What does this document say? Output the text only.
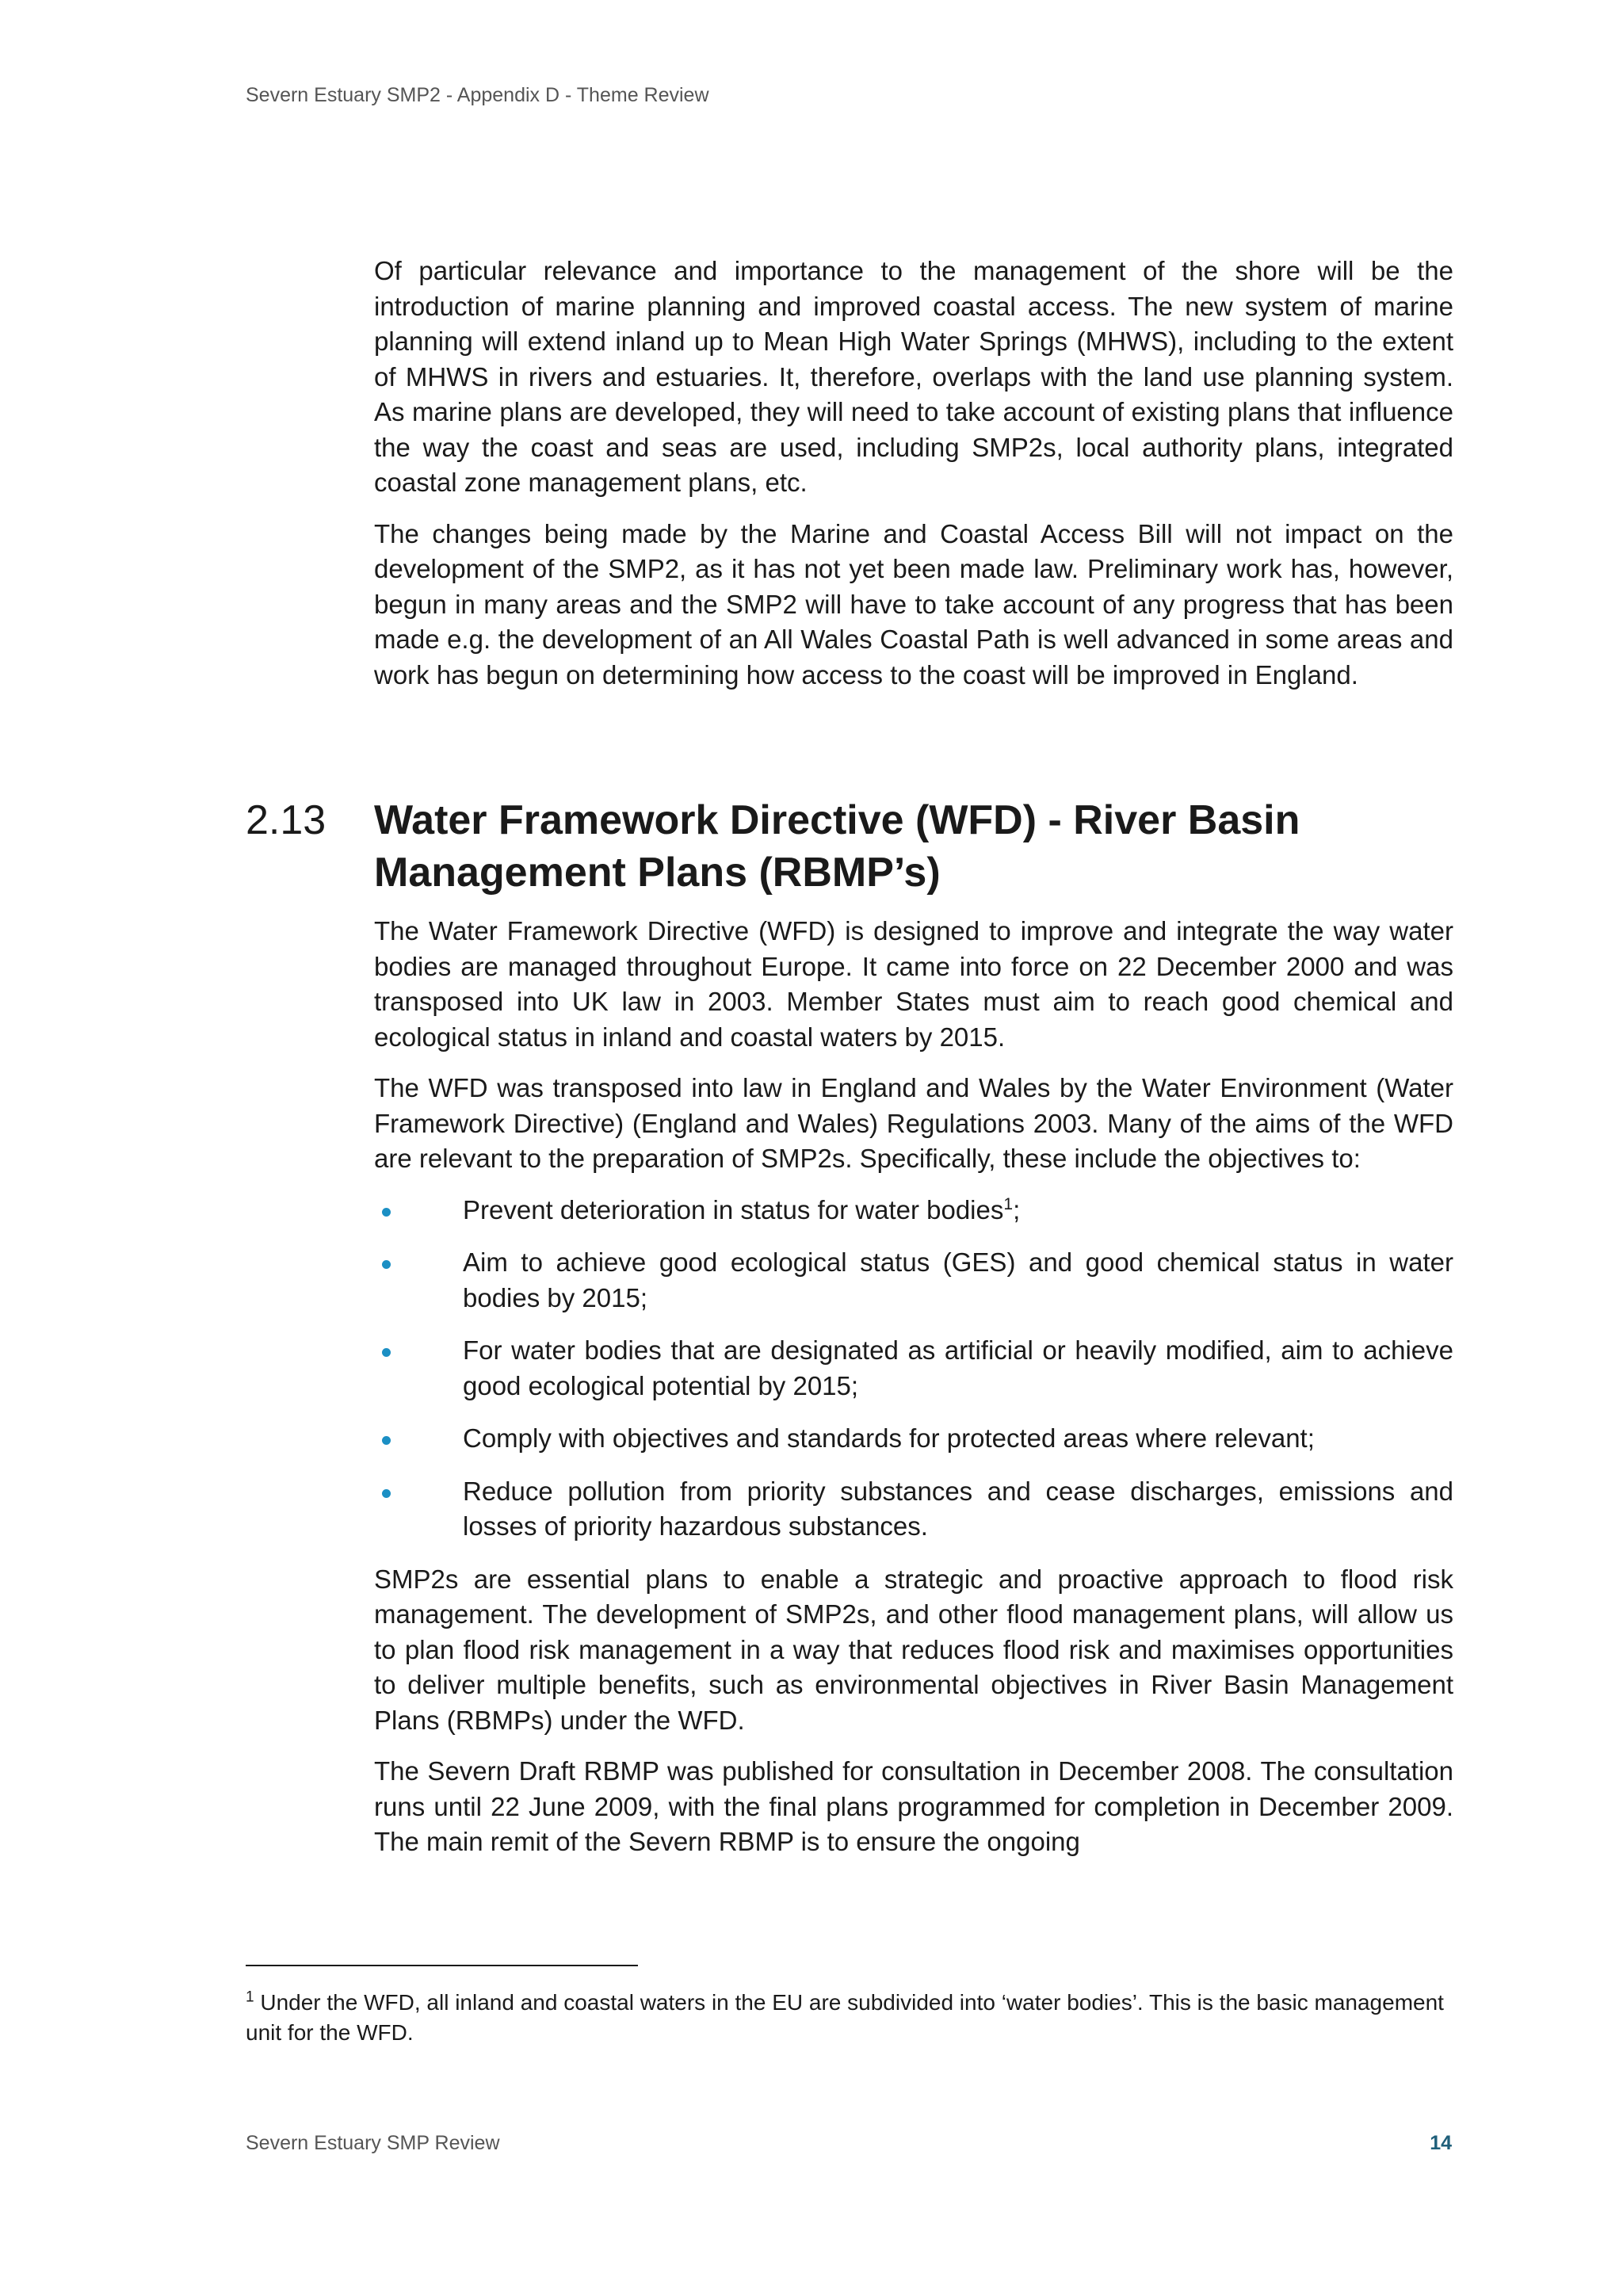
Severn Estuary SMP2 - Appendix D - Theme Review

Of particular relevance and importance to the management of the shore will be the introduction of marine planning and improved coastal access. The new system of marine planning will extend inland up to Mean High Water Springs (MHWS), including to the extent of MHWS in rivers and estuaries. It, therefore, overlaps with the land use planning system. As marine plans are developed, they will need to take account of existing plans that influence the way the coast and seas are used, including SMP2s, local authority plans, integrated coastal zone management plans, etc.

The changes being made by the Marine and Coastal Access Bill will not impact on the development of the SMP2, as it has not yet been made law. Preliminary work has, however, begun in many areas and the SMP2 will have to take account of any progress that has been made e.g. the development of an All Wales Coastal Path is well advanced in some areas and work has begun on determining how access to the coast will be improved in England.

2.13 Water Framework Directive (WFD) - River Basin Management Plans (RBMP’s)

The Water Framework Directive (WFD) is designed to improve and integrate the way water bodies are managed throughout Europe. It came into force on 22 December 2000 and was transposed into UK law in 2003. Member States must aim to reach good chemical and ecological status in inland and coastal waters by 2015.

The WFD was transposed into law in England and Wales by the Water Environment (Water Framework Directive) (England and Wales) Regulations 2003. Many of the aims of the WFD are relevant to the preparation of SMP2s. Specifically, these include the objectives to:

Prevent deterioration in status for water bodies$^1$;
Aim to achieve good ecological status (GES) and good chemical status in water bodies by 2015;
For water bodies that are designated as artificial or heavily modified, aim to achieve good ecological potential by 2015;
Comply with objectives and standards for protected areas where relevant;
Reduce pollution from priority substances and cease discharges, emissions and losses of priority hazardous substances.

SMP2s are essential plans to enable a strategic and proactive approach to flood risk management. The development of SMP2s, and other flood management plans, will allow us to plan flood risk management in a way that reduces flood risk and maximises opportunities to deliver multiple benefits, such as environmental objectives in River Basin Management Plans (RBMPs) under the WFD.

The Severn Draft RBMP was published for consultation in December 2008. The consultation runs until 22 June 2009, with the final plans programmed for completion in December 2009. The main remit of the Severn RBMP is to ensure the ongoing

$^1$ Under the WFD, all inland and coastal waters in the EU are subdivided into ‘water bodies’. This is the basic management unit for the WFD.
Severn Estuary SMP Review	14
